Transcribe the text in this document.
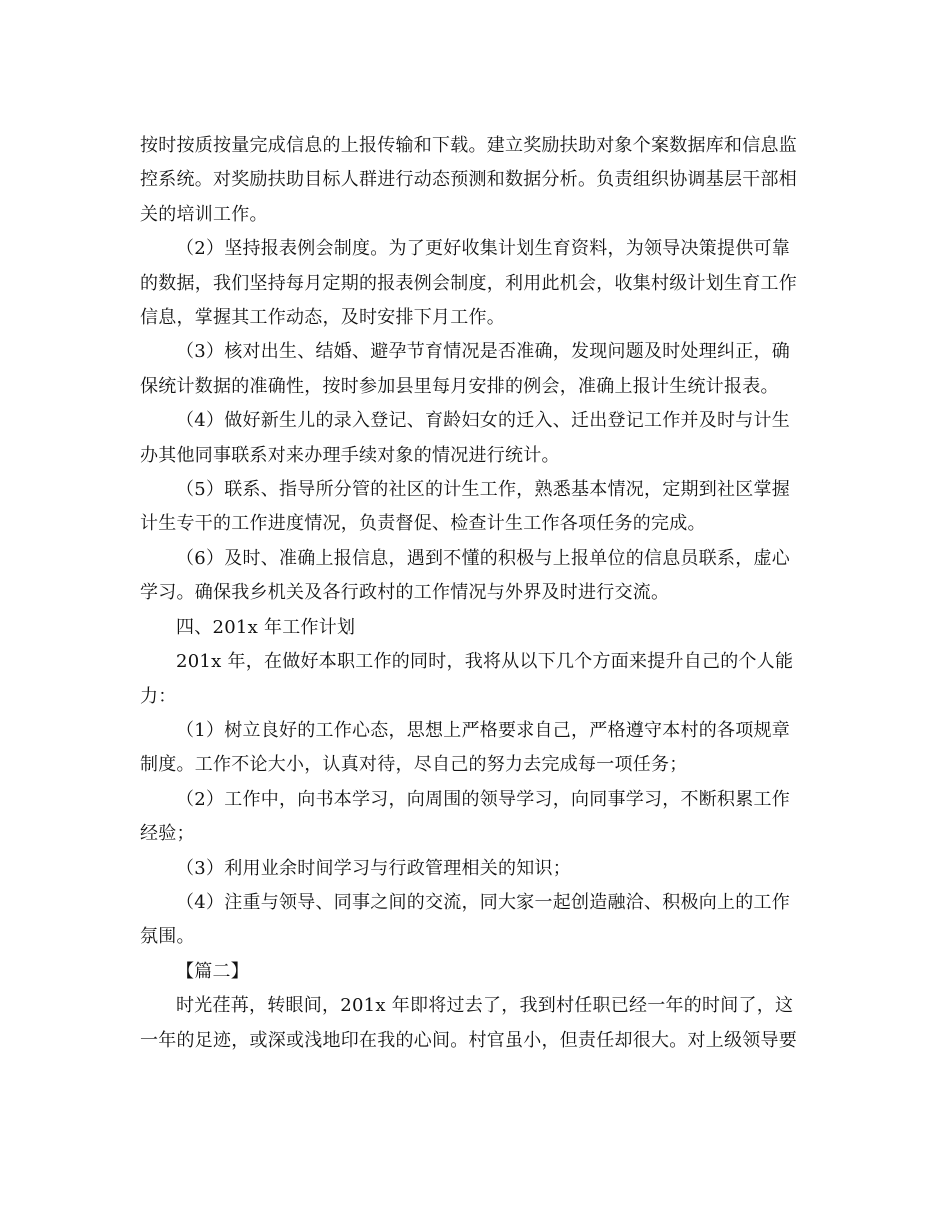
按时按质按量完成信息的上报传输和下载。建立奖励扶助对象个案数据库和信息监
控系统。对奖励扶助目标人群进行动态预测和数据分析。负责组织协调基层干部相
关的培训工作。

（2）坚持报表例会制度。为了更好收集计划生育资料，为领导决策提供可靠
的数据，我们坚持每月定期的报表例会制度，利用此机会，收集村级计划生育工作
信息，掌握其工作动态，及时安排下月工作。

（3）核对出生、结婚、避孕节育情况是否准确，发现问题及时处理纠正，确
保统计数据的准确性，按时参加县里每月安排的例会，准确上报计生统计报表。

（4）做好新生儿的录入登记、育龄妇女的迁入、迁出登记工作并及时与计生
办其他同事联系对来办理手续对象的情况进行统计。

（5）联系、指导所分管的社区的计生工作，熟悉基本情况，定期到社区掌握
计生专干的工作进度情况，负责督促、检查计生工作各项任务的完成。

（6）及时、准确上报信息，遇到不懂的积极与上报单位的信息员联系，虚心
学习。确保我乡机关及各行政村的工作情况与外界及时进行交流。

四、201x 年工作计划

201x 年，在做好本职工作的同时，我将从以下几个方面来提升自己的个人能
力：

（1）树立良好的工作心态，思想上严格要求自己，严格遵守本村的各项规章
制度。工作不论大小，认真对待，尽自己的努力去完成每一项任务；

（2）工作中，向书本学习，向周围的领导学习，向同事学习，不断积累工作
经验；

（3）利用业余时间学习与行政管理相关的知识；

（4）注重与领导、同事之间的交流，同大家一起创造融洽、积极向上的工作
氛围。

【篇二】

时光荏苒，转眼间，201x 年即将过去了，我到村任职已经一年的时间了，这
一年的足迹，或深或浅地印在我的心间。村官虽小，但责任却很大。对上级领导要
